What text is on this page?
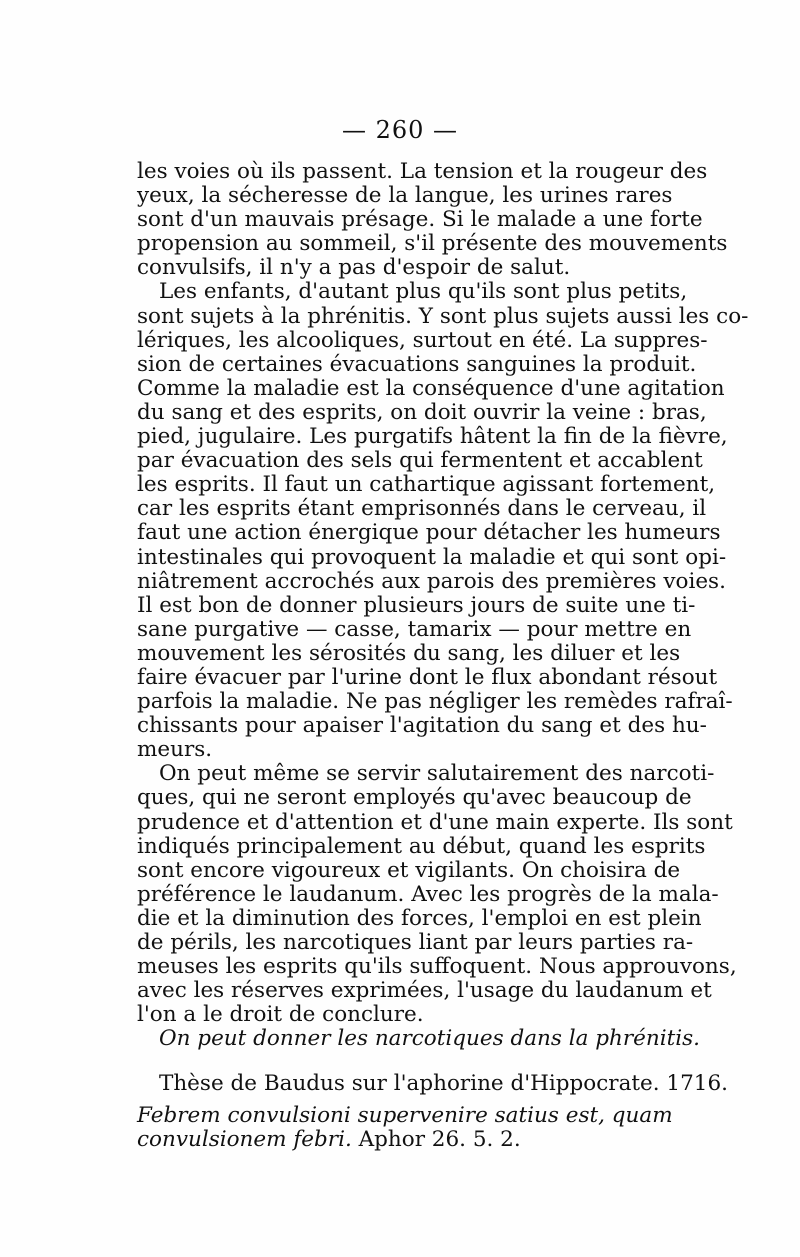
— 260 —
les voies où ils passent. La tension et la rougeur des
yeux, la sécheresse de la langue, les urines rares
sont d'un mauvais présage. Si le malade a une forte
propension au sommeil, s'il présente des mouvements
convulsifs, il n'y a pas d'espoir de salut.
Les enfants, d'autant plus qu'ils sont plus petits,
sont sujets à la phrénitis. Y sont plus sujets aussi les co-
lériques, les alcooliques, surtout en été. La suppres-
sion de certaines évacuations sanguines la produit.
Comme la maladie est la conséquence d'une agitation
du sang et des esprits, on doit ouvrir la veine : bras,
pied, jugulaire. Les purgatifs hâtent la fin de la fièvre,
par évacuation des sels qui fermentent et accablent
les esprits. Il faut un cathartique agissant fortement,
car les esprits étant emprisonnés dans le cerveau, il
faut une action énergique pour détacher les humeurs
intestinales qui provoquent la maladie et qui sont opi-
niâtrement accrochés aux parois des premières voies.
Il est bon de donner plusieurs jours de suite une ti-
sane purgative — casse, tamarix — pour mettre en
mouvement les sérosités du sang, les diluer et les
faire évacuer par l'urine dont le flux abondant résout
parfois la maladie. Ne pas négliger les remèdes rafraî-
chissants pour apaiser l'agitation du sang et des hu-
meurs.
On peut même se servir salutairement des narcoti-
ques, qui ne seront employés qu'avec beaucoup de
prudence et d'attention et d'une main experte. Ils sont
indiqués principalement au début, quand les esprits
sont encore vigoureux et vigilants. On choisira de
préférence le laudanum. Avec les progrès de la mala-
die et la diminution des forces, l'emploi en est plein
de périls, les narcotiques liant par leurs parties ra-
meuses les esprits qu'ils suffoquent. Nous approuvons,
avec les réserves exprimées, l'usage du laudanum et
l'on a le droit de conclure.
On peut donner les narcotiques dans la phrénitis.
Thèse de Baudus sur l'aphorine d'Hippocrate. 1716.
Febrem convulsioni supervenire satius est, quam
convulsionem febri. Aphor 26. 5. 2.
